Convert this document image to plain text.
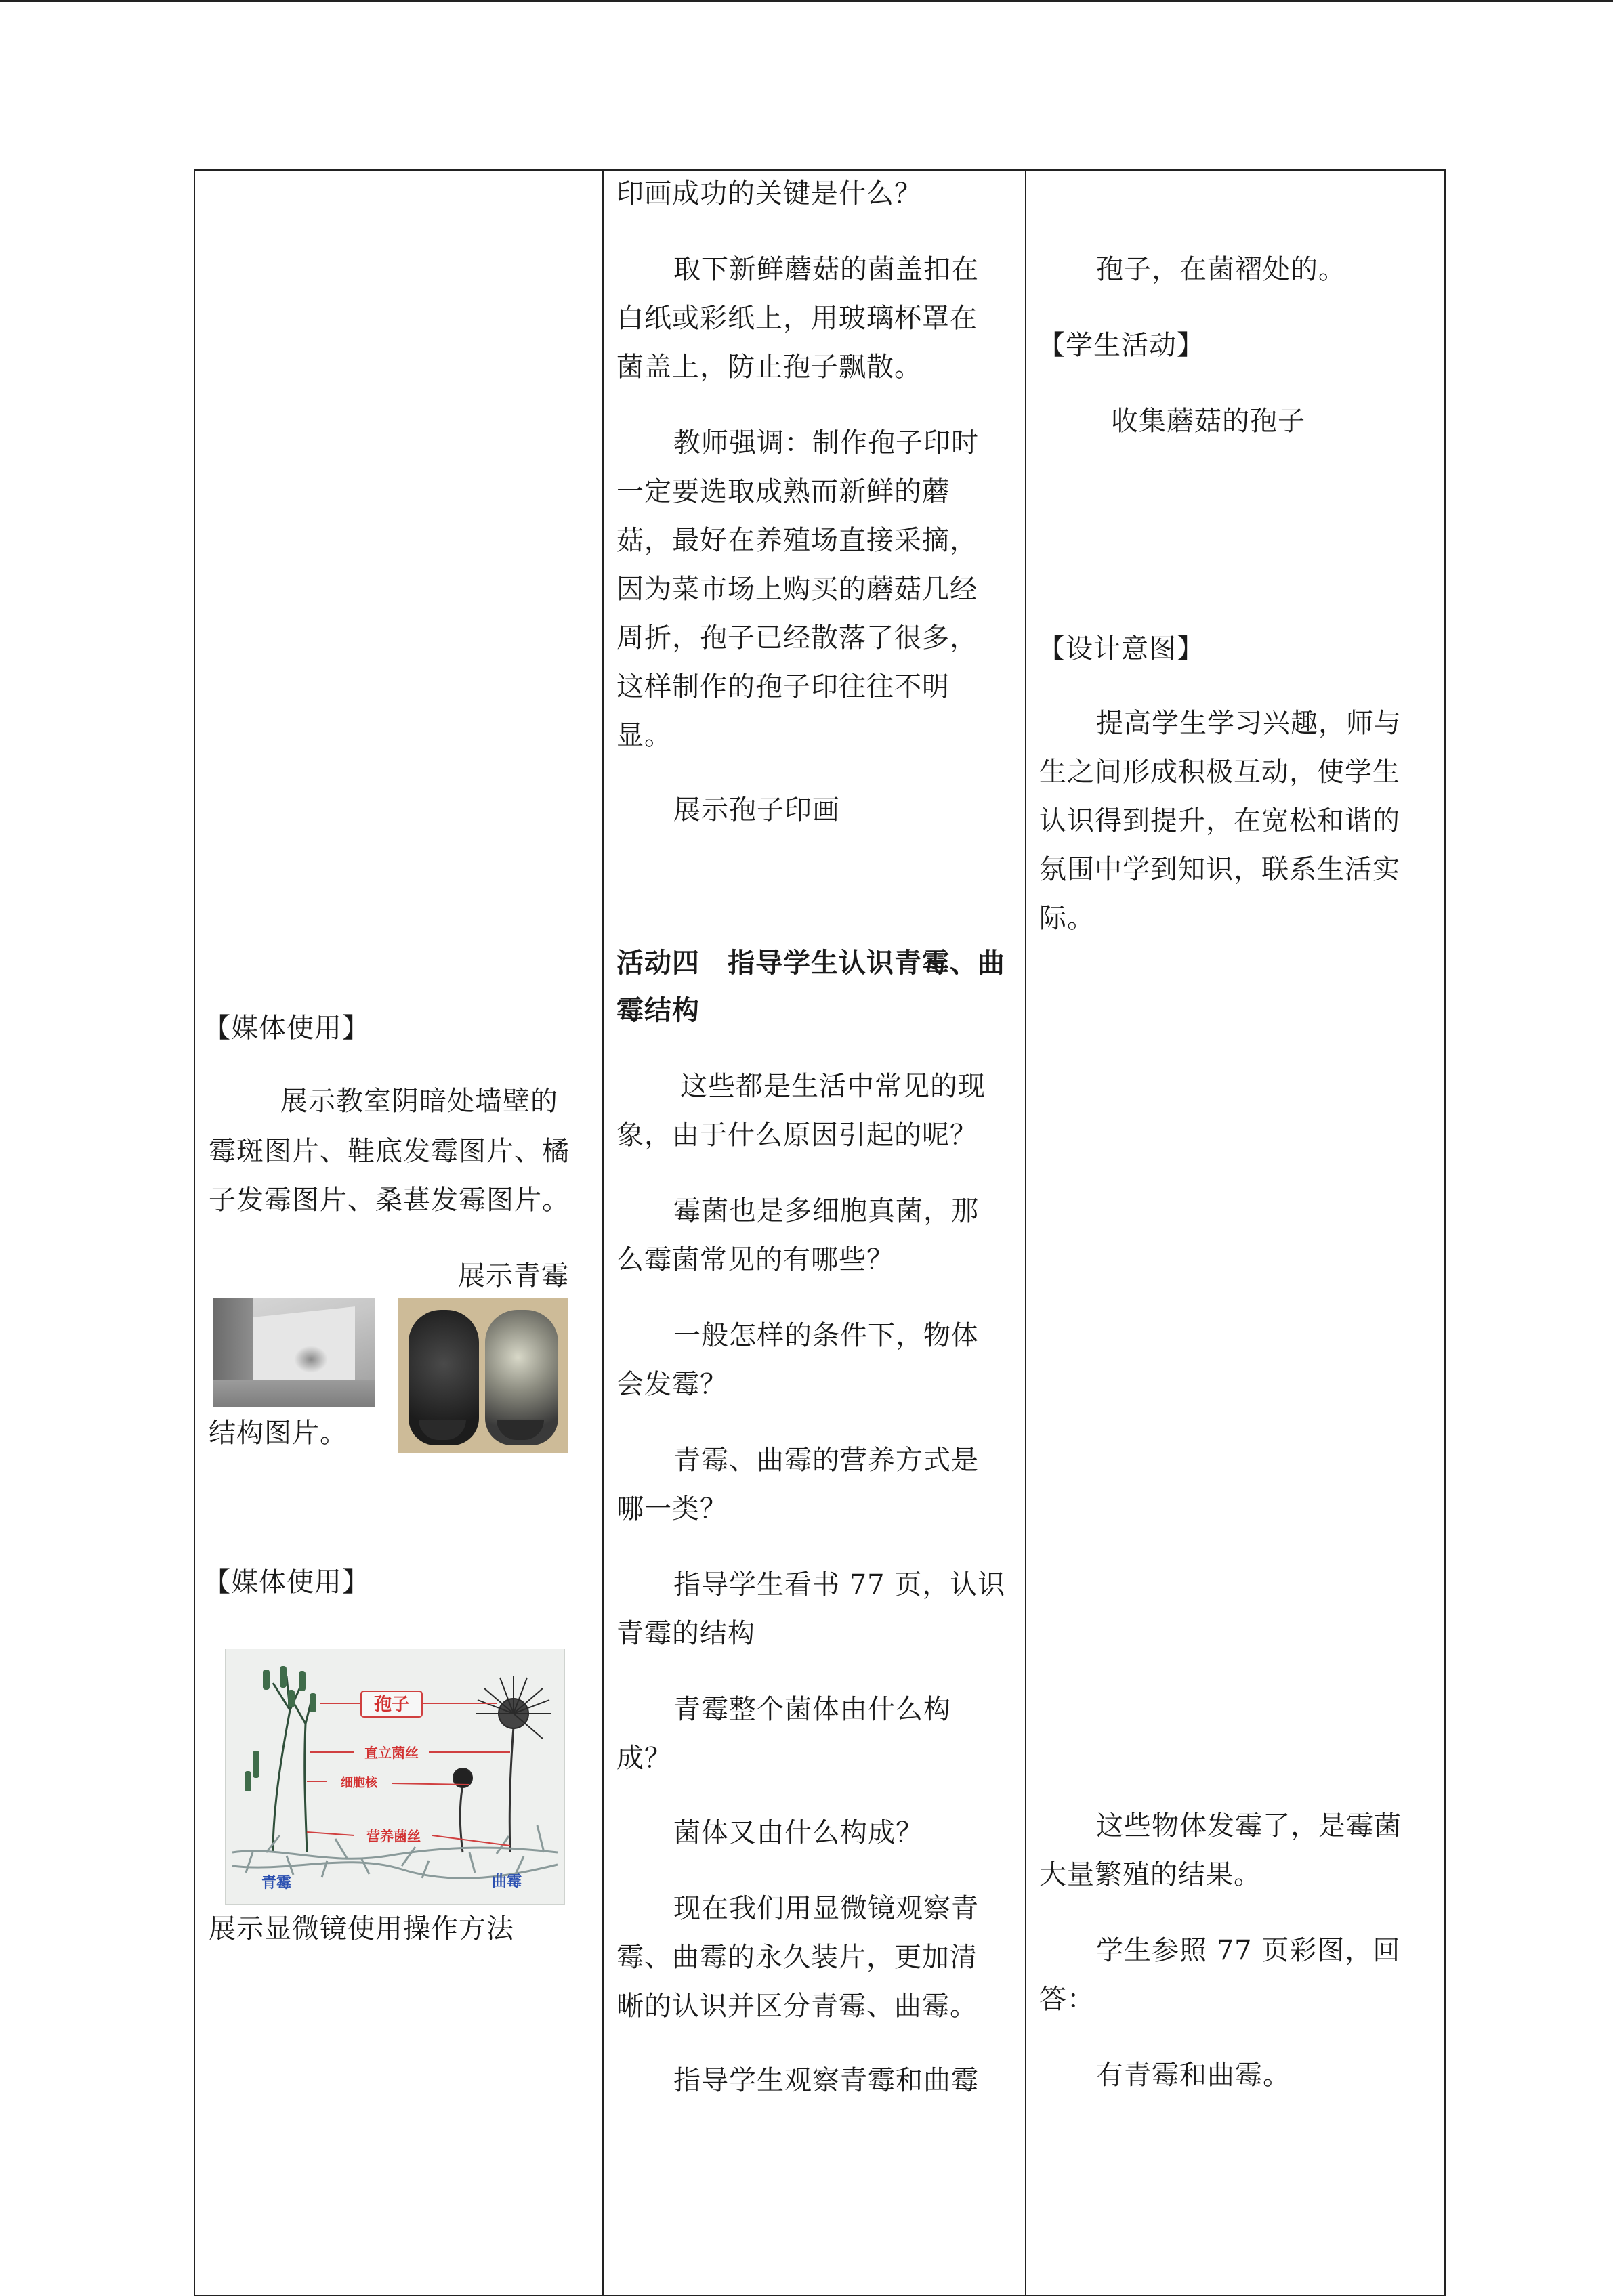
【媒体使用】
展示教室阴暗处墙壁的
霉斑图片、鞋底发霉图片、橘
子发霉图片、桑葚发霉图片。
展示青霉
结构图片。
【媒体使用】
孢子
直立菌丝
细胞核
营养菌丝
青霉	曲霉
展示显微镜使用操作方法
印画成功的关键是什么？
取下新鲜蘑菇的菌盖扣在
白纸或彩纸上，用玻璃杯罩在
菌盖上，防止孢子飘散。
教师强调：制作孢子印时
一定要选取成熟而新鲜的蘑
菇，最好在养殖场直接采摘，
因为菜市场上购买的蘑菇几经
周折，孢子已经散落了很多，
这样制作的孢子印往往不明
显。
展示孢子印画
活动四　指导学生认识青霉、曲
霉结构
这些都是生活中常见的现
象，由于什么原因引起的呢？
霉菌也是多细胞真菌，那
么霉菌常见的有哪些？
一般怎样的条件下，物体
会发霉？
青霉、曲霉的营养方式是
哪一类？
指导学生看书 77 页，认识
青霉的结构
青霉整个菌体由什么构
成？
菌体又由什么构成？
现在我们用显微镜观察青
霉、曲霉的永久装片，更加清
晰的认识并区分青霉、曲霉。
指导学生观察青霉和曲霉
孢子，在菌褶处的。
【学生活动】
收集蘑菇的孢子
【设计意图】
提高学生学习兴趣，师与
生之间形成积极互动，使学生
认识得到提升，在宽松和谐的
氛围中学到知识，联系生活实
际。
这些物体发霉了，是霉菌
大量繁殖的结果。
学生参照 77 页彩图，回
答：
有青霉和曲霉。
